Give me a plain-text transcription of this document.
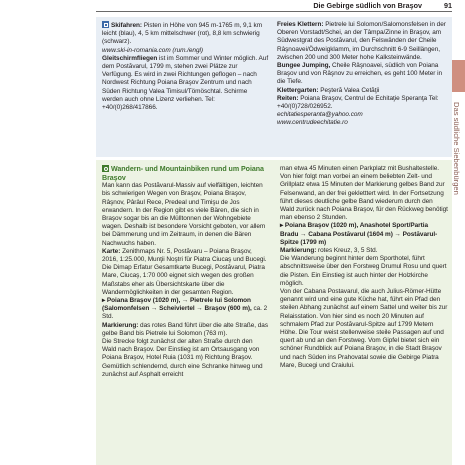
Die Gebirge südlich von Braşov	91
Das südliche Siebenbürgen

Skifahren: Pisten in Höhe von 945 m-1765 m, 9,1 km leicht (blau), 4, 5 km mittelschwer (rot), 8,8 km schwierig (schwarz).

www.ski-in-romania.com (rum./engl)

Gleitschirmfliegen ist im Sommer und Winter möglich. Auf dem Postăvarul, 1799 m, stehen zwei Plätze zur Verfügung. Es wird in zwei Richtungen geflogen – nach Nordwest Richtung Poiana Braşov Zentrum und nach Süden Richtung Valea Timisul/Tömöschtal. Schirme werden auch ohne Lizenz verliehen. Tel: +40/(0)268/417866.

Freies Klettern: Pietrele lui Solomon/Salomonsfelsen in der Oberen Vorstadt/Schei, an der Tâmpa/Zinne in Braşov, am Südwestgrat des Postăvarul, den Felswänden der Cheile Râşnoavei/Ödweigklamm, im Durchschnitt 6-9 Seillängen, zwischen 200 und 300 Meter hohe Kalksteinwände.

Bungee Jumping, Cheile Râşnoavei, südlich von Poiana Braşov und von Râşnov zu erreichen, es geht 100 Meter in die Tiefe.

Klettergarten: Peşteră Valea Cetăţii

Reiten: Poiana Braşov, Centrul de Echitaţie Speranţa Tel: +40/(0)728/026952.

echitatiesperanta@yahoo.com

www.centrudeechitatie.ro

Wandern- und Mountainbiken rund um Poiana Braşov

Man kann das Postăvarul-Massiv auf vielfältigen, leichten bis schwierigen Wegen von Braşov, Poiana Braşov, Râşnov, Pârâul Rece, Predeal und Timişu de Jos erwandern. In der Region gibt es viele Bären, die sich in Braşov sogar bis an die Mülltonnen der Wohngebiete wagen. Deshalb ist besondere Vorsicht geboten, vor allem bei Dämmerung und im Zeitraum, in denen die Bären Nachwuchs haben.

Karte: Zenithmaps Nr. 5, Postăvaru – Poiana Braşov, 2016, 1:25.000, Munţii Noştri für Piatra Ciucaş und Bucegi. Die Dimap Erfatur Gesamtkarte Bucegi, Postăvarul, Piatra Mare, Ciucaş, 1:70 000 eignet sich wegen des großen Maßstabs eher als Übersichtskarte über die Wandermöglichkeiten in der gesamten Region.

▸ Poiana Braşov (1020 m), → Pietrele lui Solomon (Salomonfelsen → Scheiviertel → Braşov (600 m), ca. 2 Std.

Markierung: das rotes Band führt über die alte Straße, das gelbe Band bis Pietrele lui Solomon (763 m).

Die Strecke folgt zunächst der alten Straße durch den Wald nach Braşov. Der Einstieg ist am Ortsausgang von Poiana Braşov, Hotel Ruia (1031 m) Richtung Braşov. Gemütlich schlendernd, durch eine Schranke hinweg und zunächst auf Asphalt erreicht

man etwa 45 Minuten einen Parkplatz mit Bushaltestelle. Von hier folgt man vorbei an einem beliebten Zelt- und Grillplatz etwa 15 Minuten der Markierung gelbes Band zur Felsenwand, an der frei gekletttert wird. In der Fortsetzung führt dieses deutliche gelbe Band wiederum durch den Wald zurück nach Poiana Braşov, für den Rückweg benötigt man ebenso 2 Stunden.

▸ Poiana Braşov (1020 m), Anashotel Sport/Partia Bradu → Cabana Postăvarul (1604 m) → Postăvarul-Spitze (1799 m)

Markierung: rotes Kreuz, 3, 5 Std.

Die Wanderung beginnt hinter dem Sporthotel, führt abschnittsweise über den Forstweg Drumul Rosu und quert die Pisten. Ein Einstieg ist auch hinter der Holzkirche möglich.

Von der Cabana Postavarul, die auch Julius-Römer-Hütte genannt wird und eine gute Küche hat, führt ein Pfad den steilen Abhang zunächst auf einem Sattel und weiter bis zur Relaisstation. Von hier sind es noch 20 Minuten auf schmalem Pfad zur Postăvarul-Spitze auf 1799 Metern Höhe. Die Tour weist stellenweise steile Passagen auf und quert ab und an den Forstweg. Vom Gipfel bietet sich ein schöner Rundblick auf Poiana Braşov, in die Stadt Braşov und nach Süden ins Prahovatal sowie die Gebirge Piatra Mare, Bucegi und Craiului.
